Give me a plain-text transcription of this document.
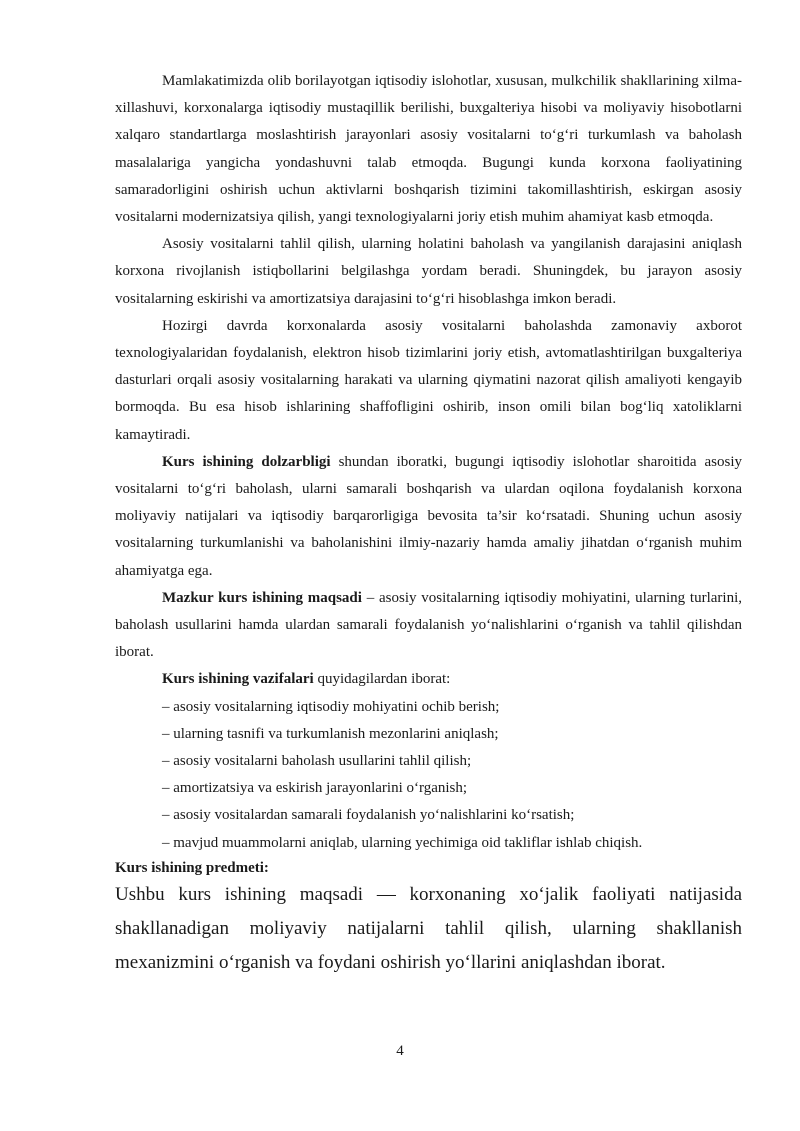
Mamlakatimizda olib borilayotgan iqtisodiy islohotlar, xususan, mulkchilik shakllarining xilma-xillashuvi, korxonalarga iqtisodiy mustaqillik berilishi, buxgalteriya hisobi va moliyaviy hisobotlarni xalqaro standartlarga moslashtirish jarayonlari asosiy vositalarni to‘g‘ri turkumlash va baholash masalalariga yangicha yondashuvni talab etmoqda. Bugungi kunda korxona faoliyatining samaradorligini oshirish uchun aktivlarni boshqarish tizimini takomillashtirish, eskirgan asosiy vositalarni modernizatsiya qilish, yangi texnologiyalarni joriy etish muhim ahamiyat kasb etmoqda.

Asosiy vositalarni tahlil qilish, ularning holatini baholash va yangilanish darajasini aniqlash korxona rivojlanish istiqbollarini belgilashga yordam beradi. Shuningdek, bu jarayon asosiy vositalarning eskirishi va amortizatsiya darajasini to‘g‘ri hisoblashga imkon beradi.

Hozirgi davrda korxonalarda asosiy vositalarni baholashda zamonaviy axborot texnologiyalaridan foydalanish, elektron hisob tizimlarini joriy etish, avtomatlashtirilgan buxgalteriya dasturlari orqali asosiy vositalarning harakati va ularning qiymatini nazorat qilish amaliyoti kengayib bormoqda. Bu esa hisob ishlarining shaffofligini oshirib, inson omili bilan bog‘liq xatoliklarni kamaytiradi.

Kurs ishining dolzarbligi shundan iboratki, bugungi iqtisodiy islohotlar sharoitida asosiy vositalarni to‘g‘ri baholash, ularni samarali boshqarish va ulardan oqilona foydalanish korxona moliyaviy natijalari va iqtisodiy barqarorligiga bevosita ta’sir ko‘rsatadi. Shuning uchun asosiy vositalarning turkumlanishi va baholanishini ilmiy-nazariy hamda amaliy jihatdan o‘rganish muhim ahamiyatga ega.

Mazkur kurs ishining maqsadi – asosiy vositalarning iqtisodiy mohiyatini, ularning turlarini, baholash usullarini hamda ulardan samarali foydalanish yo‘nalishlarini o‘rganish va tahlil qilishdan iborat.

Kurs ishining vazifalari quyidagilardan iborat:

– asosiy vositalarning iqtisodiy mohiyatini ochib berish;

– ularning tasnifi va turkumlanish mezonlarini aniqlash;

– asosiy vositalarni baholash usullarini tahlil qilish;

– amortizatsiya va eskirish jarayonlarini o‘rganish;

– asosiy vositalardan samarali foydalanish yo‘nalishlarini ko‘rsatish;

– mavjud muammolarni aniqlab, ularning yechimiga oid takliflar ishlab chiqish.

Kurs ishining predmeti:

Ushbu kurs ishining maqsadi — korxonaning xo‘jalik faoliyati natijasida shakllanadigan moliyaviy natijalarni tahlil qilish, ularning shakllanish mexanizmini o‘rganish va foydani oshirish yo‘llarini aniqlashdan iborat.

4
